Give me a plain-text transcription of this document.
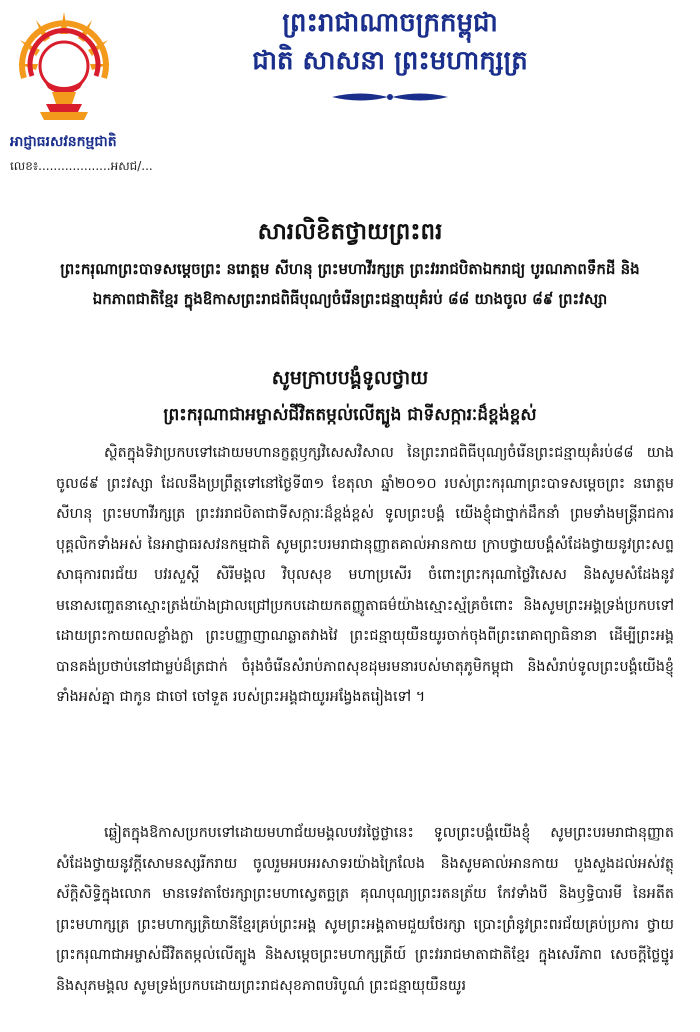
អាជ្ញាធរសវនកម្មជាតិ
លេខ៖...................អសជ/...
ព្រះរាជាណាចក្រកម្ពុជា
ជាតិ សាសនា ព្រះមហាក្សត្រ
សារលិខិតថ្វាយព្រះពរ
ព្រះករុណាព្រះបាទសម្តេចព្រះ នរោត្តម សីហនុ ព្រះមហាវីរក្សត្រ ព្រះវររាជបិតាឯករាជ្យ បូរណភាពទឹកដី និងឯកភាពជាតិខ្មែរ ក្នុងឱកាសព្រះរាជពិធីបុណ្យចំរើនព្រះជន្មាយុគំរប់ ៨៨ យាងចូល ៨៩ ព្រះវស្សា
សូមក្រាបបង្គំទូលថ្វាយ
ព្រះករុណាជាអម្ចាស់ជីវិតតម្កល់លើត្បូង ជាទីសក្ការៈដ៏ខ្ពង់ខ្ពស់
ស្ថិតក្នុងទិវាប្រកបទៅដោយមហានក្ខត្តឫក្សវិសេសវិសាល នៃព្រះរាជពិធីបុណ្យចំរើនព្រះជន្មាយុគំរប់៨៨ យាងចូល៨៩ ព្រះវស្សា ដែលនឹងប្រព្រឹត្តទៅនៅថ្ងៃទី៣១ ខែតុលា ឆ្នាំ២០១០ របស់ព្រះករុណាព្រះបាទសម្តេចព្រះ នរោត្តម សីហនុ ព្រះមហាវីរក្សត្រ ព្រះវររាជបិតាជាទីសក្ការៈដ៏ខ្ពង់ខ្ពស់ ទូលព្រះបង្គំ យើងខ្ញុំជាថ្នាក់ដឹកនាំ ព្រមទាំងមន្ត្រីរាជការ បុគ្គលិកទាំងអស់ នៃអាជ្ញាធរសវនកម្មជាតិ សូមព្រះបរមរាជានុញ្ញាតគាល់អានកាយ ក្រាបថ្វាយបង្គំសំដែងថ្វាយនូវព្រះសព្ទសាធុការពរជ័យ បវរសួស្តី សិរីមង្គល វិបុលសុខ មហាប្រសើរ ចំពោះព្រះករុណាថ្លៃវិសេស និងសូមសំដែងនូវមនោសញ្ចេតនាស្មោះត្រង់យ៉ាងជ្រាលជ្រៅប្រកបដោយកតញ្ញូតាធម៌យ៉ាងស្មោះស្ម័គ្រចំពោះ និងសូមព្រះអង្គទ្រង់ប្រកបទៅដោយព្រះកាយពលខ្លាំងក្លា ព្រះបញ្ញាញាណឆ្លាតវាងវៃ ព្រះជន្មាយុយឺនយូរចាក់ចុងពីព្រះរោគាព្យាធិនានា ដើម្បីព្រះអង្គបានគង់ប្រថាប់នៅជាម្លប់ដ៏ត្រជាក់ ចំរុងចំរើនសំរាប់ភាពសុខដុមរមនារបស់មាតុភូមិកម្ពុជា និងសំរាប់ទូលព្រះបង្គំយើងខ្ញុំទាំងអស់គ្នា ជាកូន ជាចៅ ចៅទួត របស់ព្រះអង្គជាយូរអង្វែងតរៀងទៅ ។
ឆ្លៀតក្នុងឱកាសប្រកបទៅដោយមហាជ័យមង្គលបវរថ្លៃថ្លានេះ ទូលព្រះបង្គំយើងខ្ញុំ សូមព្រះបរមរាជានុញ្ញាត សំដែងថ្វាយនូវក្តីសោមនស្សរីករាយ ចូលរួមអបអរសាទរយ៉ាងក្រៃលែង និងសូមគាល់អានកាយ បួងសួងដល់អស់វត្ថុស័ក្តិសិទ្ធិក្នុងលោក មានទេវតាថែរក្សាព្រះមហាស្វេតច្ឆត្រ គុណបុណ្យព្រះរតនត្រ័យ កែវទាំងបី និងឫទ្ធិបារមី នៃអតីតព្រះមហាក្សត្រ ព្រះមហាក្សត្រិយានីខ្មែរគ្រប់ព្រះអង្គ សូមព្រះអង្គតាមជួយថែរក្សា ប្រោះព្រំនូវព្រះពរជ័យគ្រប់ប្រការ ថ្វាយព្រះករុណាជាអម្ចាស់ជីវិតតម្កល់លើត្បូង និងសម្តេចព្រះមហាក្សត្រីយ៍ ព្រះវររាជមាតាជាតិខ្មែរ ក្នុងសេរីភាព សេចក្តីថ្លៃថ្នូរ និងសុភមង្គល សូមទ្រង់ប្រកបដោយព្រះរាជសុខភាពបរិបូណ៌ ព្រះជន្មាយុយឺនយូរ
